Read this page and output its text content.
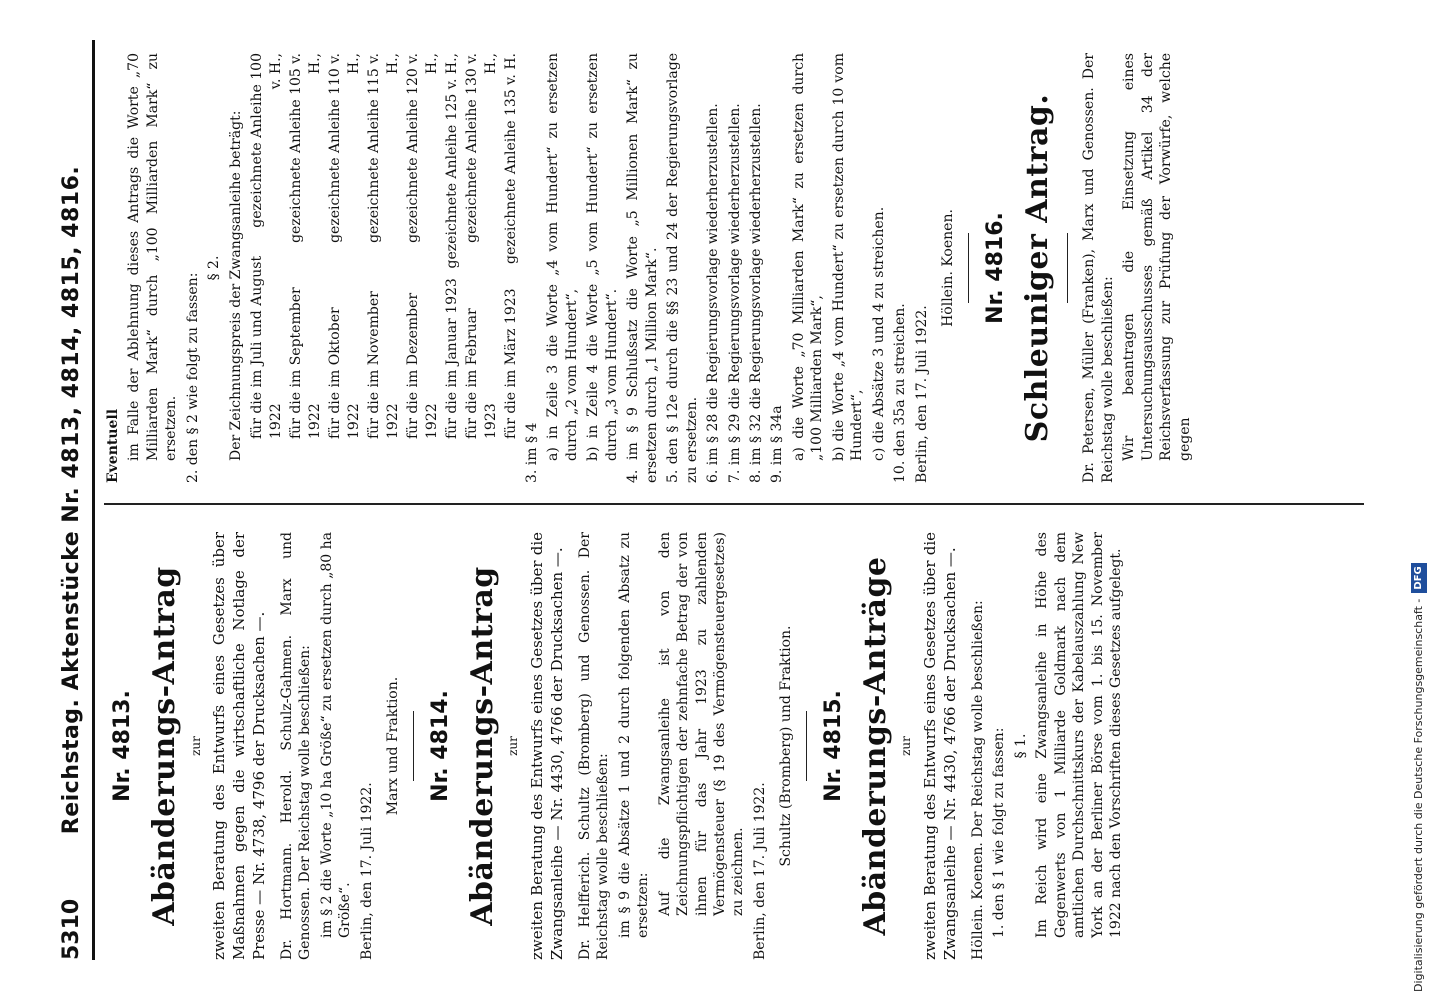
5310
Reichstag. Aktenstücke Nr. 4813, 4814, 4815, 4816. Nr. 4813. Abänderungs-Antrag zur zweiten Beratung des Entwurfs eines Gesetzes über Maßnahmen gegen die wirtschaftliche Notlage der Presse — Nr. 4738, 4796 der Drucksachen —. Dr. Hortmann. Herold. Schulz-Gahmen. Marx und Genossen. Der Reichstag wolle beschließen: im § 2 die Worte „10 ha Größe“ zu ersetzen durch „80 ha Größe“. Berlin, den 17. Juli 1922.
Marx und Fraktion. Nr. 4814. Abänderungs-Antrag zur zweiten Beratung des Entwurfs eines Gesetzes über die Zwangsanleihe — Nr. 4430, 4766 der Drucksachen —. Dr. Helfferich. Schultz (Bromberg) und Genossen. Der Reichstag wolle beschließen: im § 9 die Absätze 1 und 2 durch folgenden Absatz zu ersetzen: Auf die Zwangsanleihe ist von den Zeichnungspflichtigen der zehnfache Betrag der von ihnen für das Jahr 1923 zu zahlenden Vermögensteuer (§ 19 des Vermögensteuergesetzes) zu zeichnen. Berlin, den 17. Juli 1922.
Schultz (Bromberg) und Fraktion. Nr. 4815. Abänderungs-Anträge zur zweiten Beratung des Entwurfs eines Gesetzes über die Zwangsanleihe — Nr. 4430, 4766 der Drucksachen —. Höllein. Koenen. Der Reichstag wolle beschließen: 1. den § 1 wie folgt zu fassen: § 1. Im Reich wird eine Zwangsanleihe in Höhe des Gegenwerts von 1 Milliarde Goldmark nach dem amtlichen Durchschnittskurs der Kabelauszahlung New York an der Berliner Börse vom 1. bis 15. November 1922 nach den Vorschriften dieses Gesetzes aufgelegt.
Eventuell im Falle der Ablehnung dieses Antrags die Worte „70 Milliarden Mark“ durch „100 Milliarden Mark“ zu ersetzen. 2. den § 2 wie folgt zu fassen:
§ 2. Der Zeichnungspreis der Zwangsanleihe beträgt: für die im Juli und August 1922
gezeichnete Anleihe 100 v. H.,
für die im September 1922
gezeichnete Anleihe 105 v. H.,
für die im Oktober 1922
gezeichnete Anleihe 110 v. H.,
für die im November 1922
gezeichnete Anleihe 115 v. H.,
für die im Dezember 1922
gezeichnete Anleihe 120 v. H.,
für die im Januar 1923
gezeichnete Anleihe 125 v. H.,
für die im Februar 1923
gezeichnete Anleihe 130 v. H.,
für die im März 1923
gezeichnete Anleihe 135 v. H.
3. im § 4 a) in Zeile 3 die Worte „4 vom Hundert“ zu ersetzen durch „2 vom Hundert“, b) in Zeile 4 die Worte „5 vom Hundert“ zu ersetzen durch „3 vom Hundert“. 4. im § 9 Schlußsatz die Worte „5 Millionen Mark“ zu ersetzen durch „1 Million Mark“. 5. den § 12e durch die §§ 23 und 24 der Regierungsvorlage zu ersetzen. 6. im § 28 die Regierungsvorlage wiederherzustellen. 7. im § 29 die Regierungsvorlage wiederherzustellen. 8. im § 32 die Regierungsvorlage wiederherzustellen. 9. im § 34a a) die Worte „70 Milliarden Mark“ zu ersetzen durch „100 Milliarden Mark“, b) die Worte „4 vom Hundert“ zu ersetzen durch 10 vom Hundert“, c) die Absätze 3 und 4 zu streichen. 10. den 35a zu streichen. Berlin, den 17. Juli 1922.
Höllein. Koenen. Nr. 4816. Schleuniger Antrag. Dr. Petersen, Müller (Franken), Marx und Genossen. Der Reichstag wolle beschließen: Wir beantragen die Einsetzung eines Untersuchungsausschusses gemäß Artikel 34 der Reichsverfassung zur Prüfung der Vorwürfe, welche gegen
Digitalisierung gefördert durch die Deutsche Forschungsgemeinschaft -
DFG
